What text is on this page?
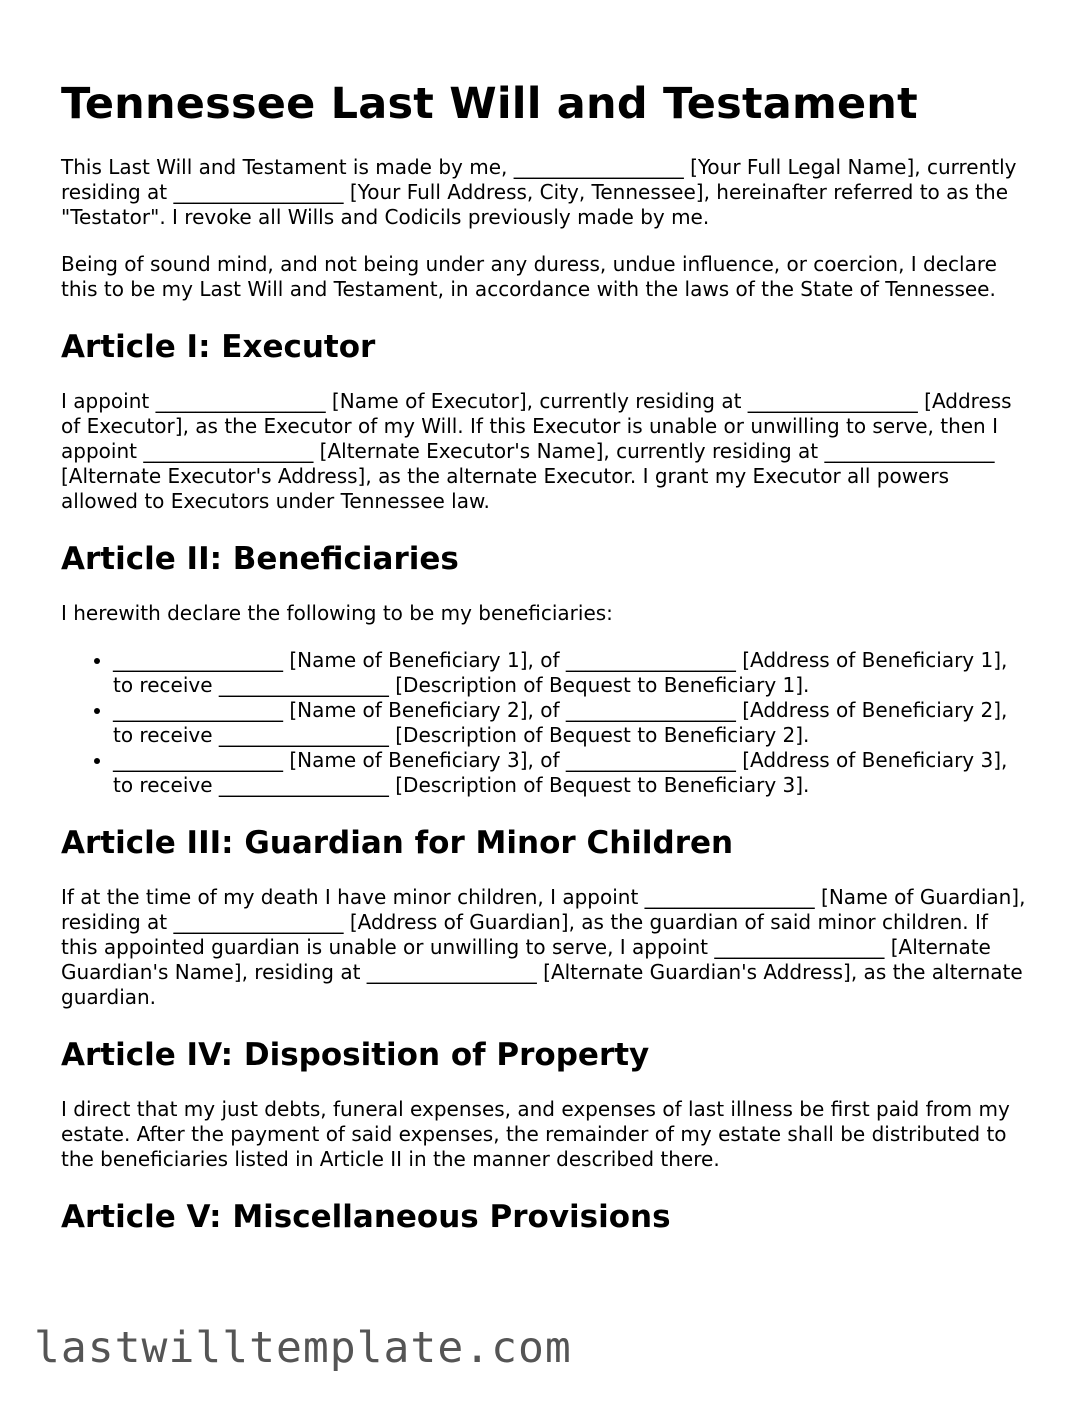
Tennessee Last Will and Testament

This Last Will and Testament is made by me, _________________ [Your Full Legal Name], currently residing at _________________ [Your Full Address, City, Tennessee], hereinafter referred to as the "Testator". I revoke all Wills and Codicils previously made by me.

Being of sound mind, and not being under any duress, undue influence, or coercion, I declare this to be my Last Will and Testament, in accordance with the laws of the State of Tennessee.

Article I: Executor

I appoint _________________ [Name of Executor], currently residing at _________________ [Address of Executor], as the Executor of my Will. If this Executor is unable or unwilling to serve, then I appoint _________________ [Alternate Executor's Name], currently residing at _________________ [Alternate Executor's Address], as the alternate Executor. I grant my Executor all powers allowed to Executors under Tennessee law.

Article II: Beneficiaries

I herewith declare the following to be my beneficiaries:

• _________________ [Name of Beneficiary 1], of _________________ [Address of Beneficiary 1], to receive _________________ [Description of Bequest to Beneficiary 1].
• _________________ [Name of Beneficiary 2], of _________________ [Address of Beneficiary 2], to receive _________________ [Description of Bequest to Beneficiary 2].
• _________________ [Name of Beneficiary 3], of _________________ [Address of Beneficiary 3], to receive _________________ [Description of Bequest to Beneficiary 3].
Article III: Guardian for Minor Children

If at the time of my death I have minor children, I appoint _________________ [Name of Guardian], residing at _________________ [Address of Guardian], as the guardian of said minor children. If this appointed guardian is unable or unwilling to serve, I appoint _________________ [Alternate Guardian's Name], residing at _________________ [Alternate Guardian's Address], as the alternate guardian.

Article IV: Disposition of Property

I direct that my just debts, funeral expenses, and expenses of last illness be first paid from my estate. After the payment of said expenses, the remainder of my estate shall be distributed to the beneficiaries listed in Article II in the manner described there.

Article V: Miscellaneous Provisions
lastwilltemplate.com
